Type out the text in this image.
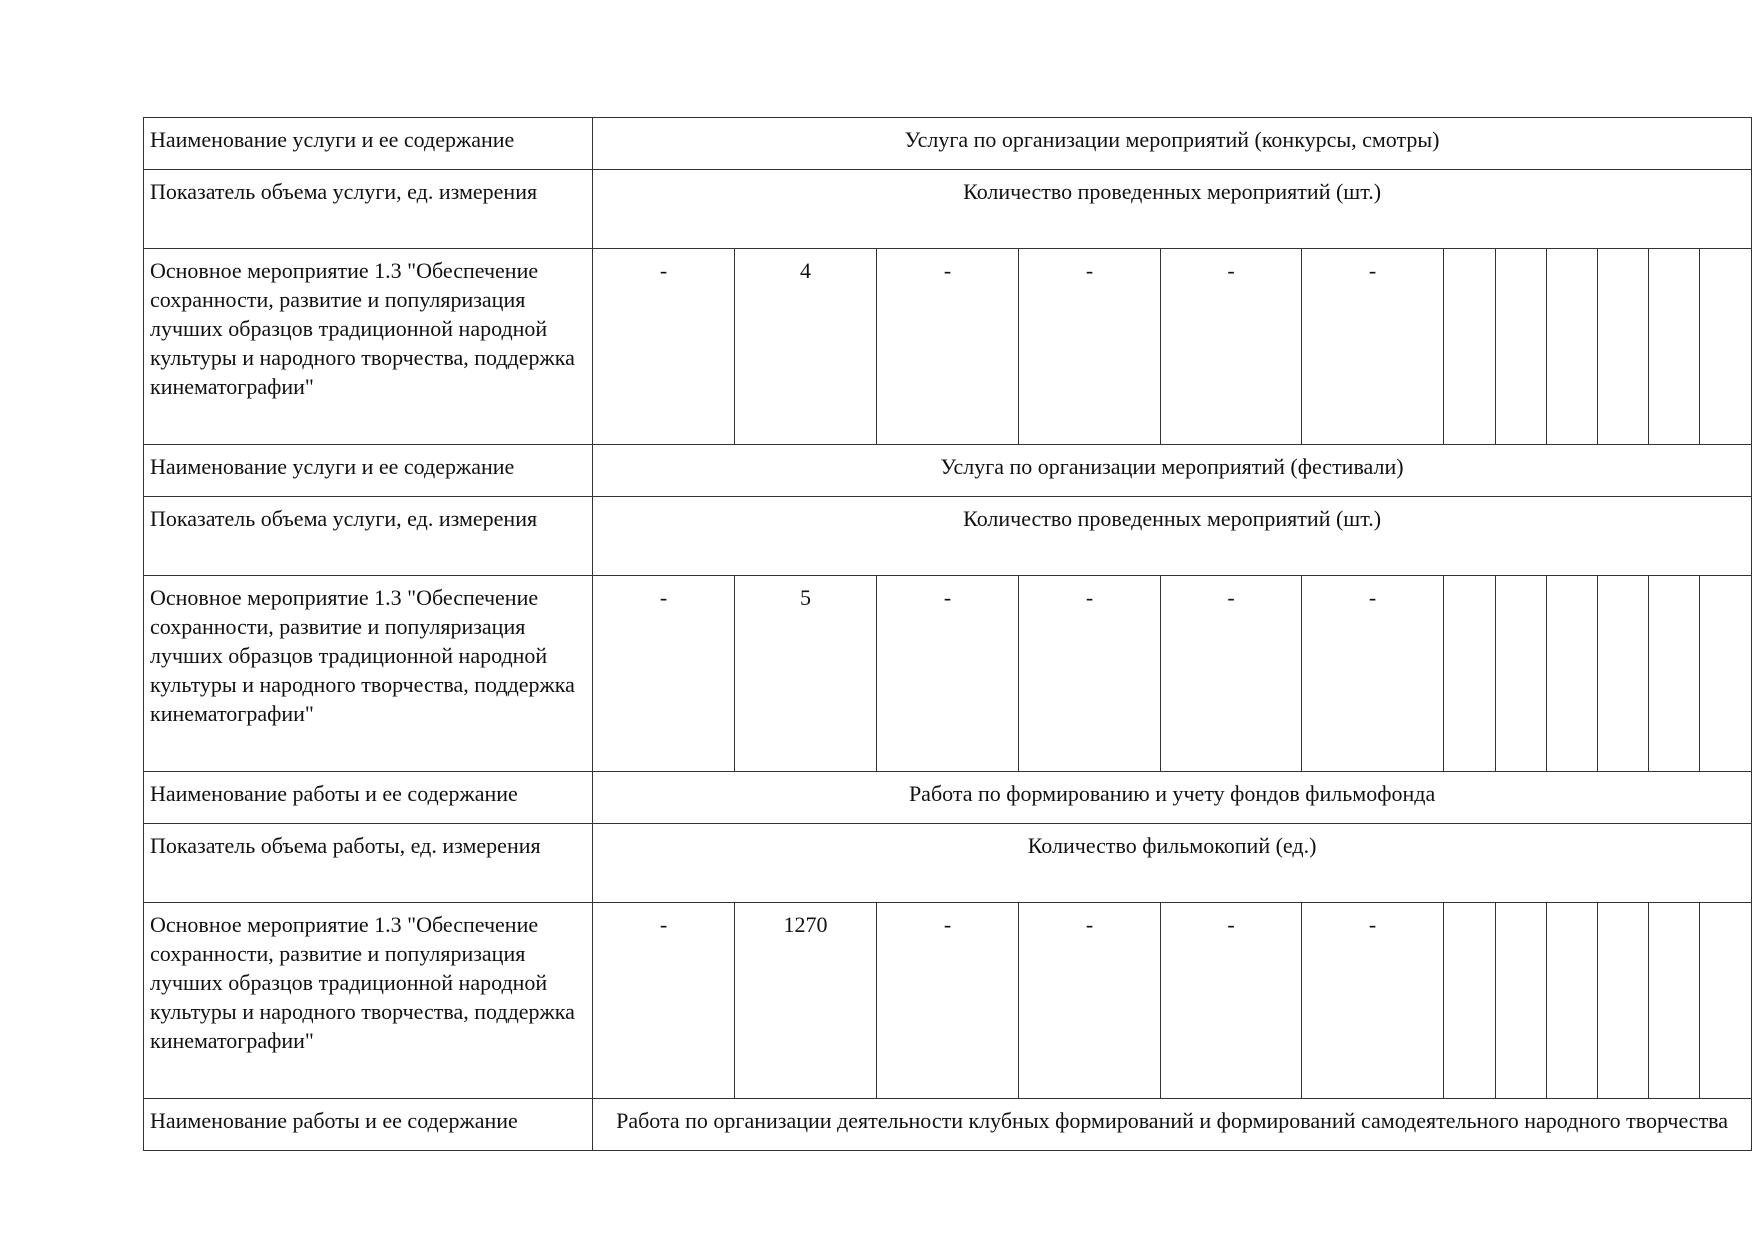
Наименование услуги и ее содержание	Услуга по организации мероприятий (конкурсы, смотры)											
Показатель объема услуги, ед. измерения	Количество проведенных мероприятий (шт.)											
Основное мероприятие 1.3 "Обеспечение сохранности, развитие и популяризация лучших образцов традиционной народной культуры и народного творчества, поддержка кинематографии"	-	4	-	-	-	-						
Наименование услуги и ее содержание	Услуга по организации мероприятий (фестивали)											
Показатель объема услуги, ед. измерения	Количество проведенных мероприятий (шт.)											
Основное мероприятие 1.3 "Обеспечение сохранности, развитие и популяризация лучших образцов традиционной народной культуры и народного творчества, поддержка кинематографии"	-	5	-	-	-	-						
Наименование работы и ее содержание	Работа по формированию и учету фондов фильмофонда											
Показатель объема работы, ед. измерения	Количество фильмокопий (ед.)											
Основное мероприятие 1.3 "Обеспечение сохранности, развитие и популяризация лучших образцов традиционной народной культуры и народного творчества, поддержка кинематографии"	-	1270	-	-	-	-						
Наименование работы и ее содержание	Работа по организации деятельности клубных формирований и формирований самодеятельного народного творчества											
